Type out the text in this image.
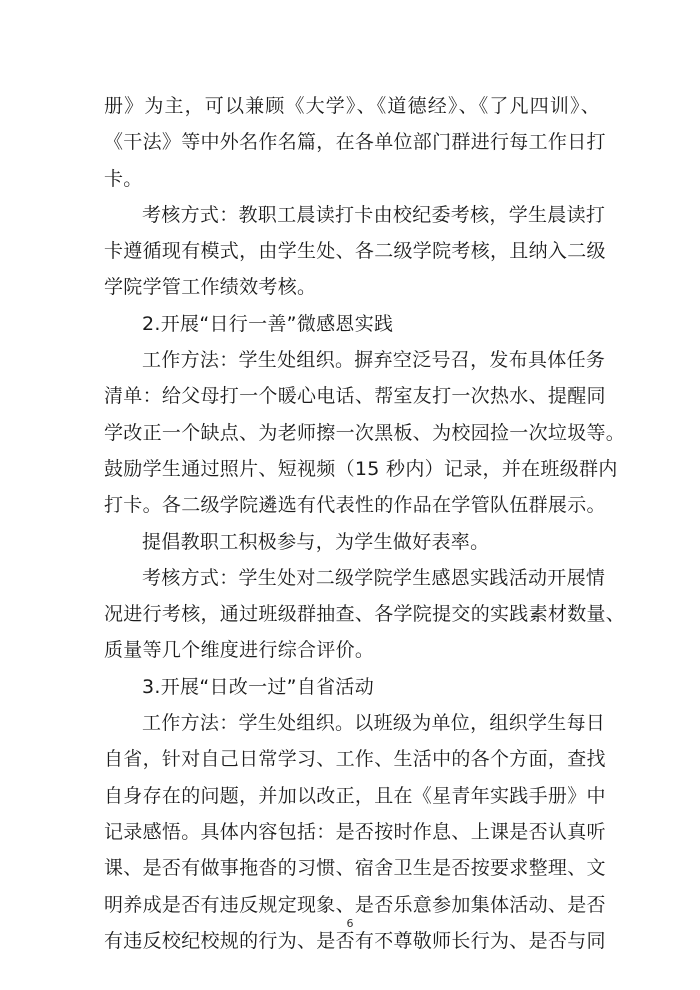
册》为主，可以兼顾《大学》、《道德经》、《了凡四训》、
《干法》等中外名作名篇，在各单位部门群进行每工作日打
卡。
考核方式：教职工晨读打卡由校纪委考核，学生晨读打
卡遵循现有模式，由学生处、各二级学院考核，且纳入二级
学院学管工作绩效考核。
2.开展“日行一善”微感恩实践
工作方法：学生处组织。摒弃空泛号召，发布具体任务
清单：给父母打一个暖心电话、帮室友打一次热水、提醒同
学改正一个缺点、为老师擦一次黑板、为校园捡一次垃圾等。
鼓励学生通过照片、短视频（15 秒内）记录，并在班级群内
打卡。各二级学院遴选有代表性的作品在学管队伍群展示。
提倡教职工积极参与，为学生做好表率。
考核方式：学生处对二级学院学生感恩实践活动开展情
况进行考核，通过班级群抽查、各学院提交的实践素材数量、
质量等几个维度进行综合评价。
3.开展“日改一过”自省活动
工作方法：学生处组织。以班级为单位，组织学生每日
自省，针对自己日常学习、工作、生活中的各个方面，查找
自身存在的问题，并加以改正，且在《星青年实践手册》中
记录感悟。具体内容包括：是否按时作息、上课是否认真听
课、是否有做事拖沓的习惯、宿舍卫生是否按要求整理、文
明养成是否有违反规定现象、是否乐意参加集体活动、是否
有违反校纪校规的行为、是否有不尊敬师长行为、是否与同
6
